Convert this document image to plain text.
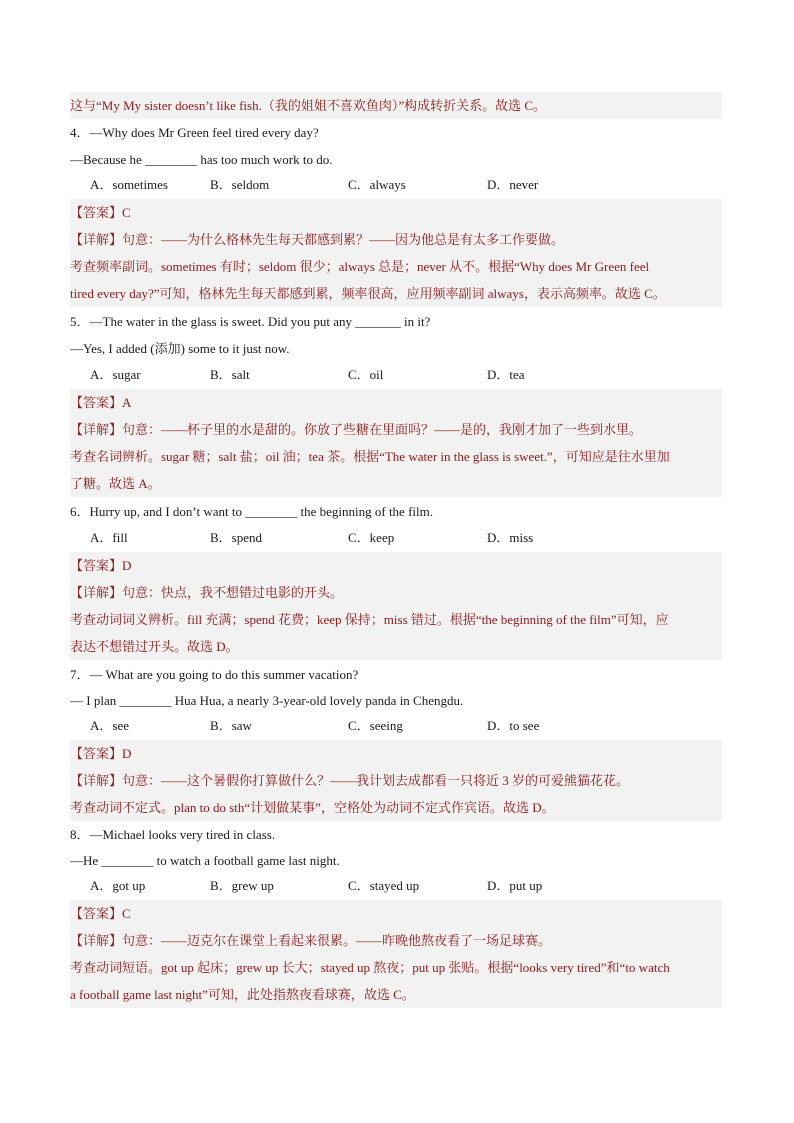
这与“My My sister doesn’t like fish.（我的姐姐不喜欢鱼肉）”构成转折关系。故选 C。
4．—Why does Mr Green feel tired every day?
—Because he ________ has too much work to do.
A．sometimes	B．seldom	C．always	D．never
【答案】C
【详解】句意：——为什么格林先生每天都感到累？——因为他总是有太多工作要做。
考查频率副词。sometimes 有时；seldom 很少；always 总是；never 从不。根据“Why does Mr Green feel
tired every day?”可知，格林先生每天都感到累，频率很高，应用频率副词 always，表示高频率。故选 C。
5．—The water in the glass is sweet. Did you put any _______ in it?
—Yes, I added (添加) some to it just now.
A．sugar	B．salt	C．oil	D．tea
【答案】A
【详解】句意：——杯子里的水是甜的。你放了些糖在里面吗？——是的，我刚才加了一些到水里。
考查名词辨析。sugar 糖；salt 盐；oil 油；tea 茶。根据“The water in the glass is sweet.”，可知应是往水里加
了糖。故选 A。
6．Hurry up, and I don’t want to ________ the beginning of the film.
A．fill	B．spend	C．keep	D．miss
【答案】D
【详解】句意：快点，我不想错过电影的开头。
考查动词词义辨析。fill 充满；spend 花费；keep 保持；miss 错过。根据“the beginning of the film”可知，应
表达不想错过开头。故选 D。
7．— What are you going to do this summer vacation?
— I plan ________ Hua Hua, a nearly 3-year-old lovely panda in Chengdu.
A．see	B．saw	C．seeing	D．to see
【答案】D
【详解】句意：——这个暑假你打算做什么？——我计划去成都看一只将近 3 岁的可爱熊猫花花。
考查动词不定式。plan to do sth“计划做某事”，空格处为动词不定式作宾语。故选 D。
8．—Michael looks very tired in class.
—He ________ to watch a football game last night.
A．got up	B．grew up	C．stayed up	D．put up
【答案】C
【详解】句意：——迈克尔在课堂上看起来很累。——昨晚他熬夜看了一场足球赛。
考查动词短语。got up 起床；grew up 长大；stayed up 熬夜；put up 张贴。根据“looks very tired”和“to watch
a football game last night”可知，此处指熬夜看球赛，故选 C。
